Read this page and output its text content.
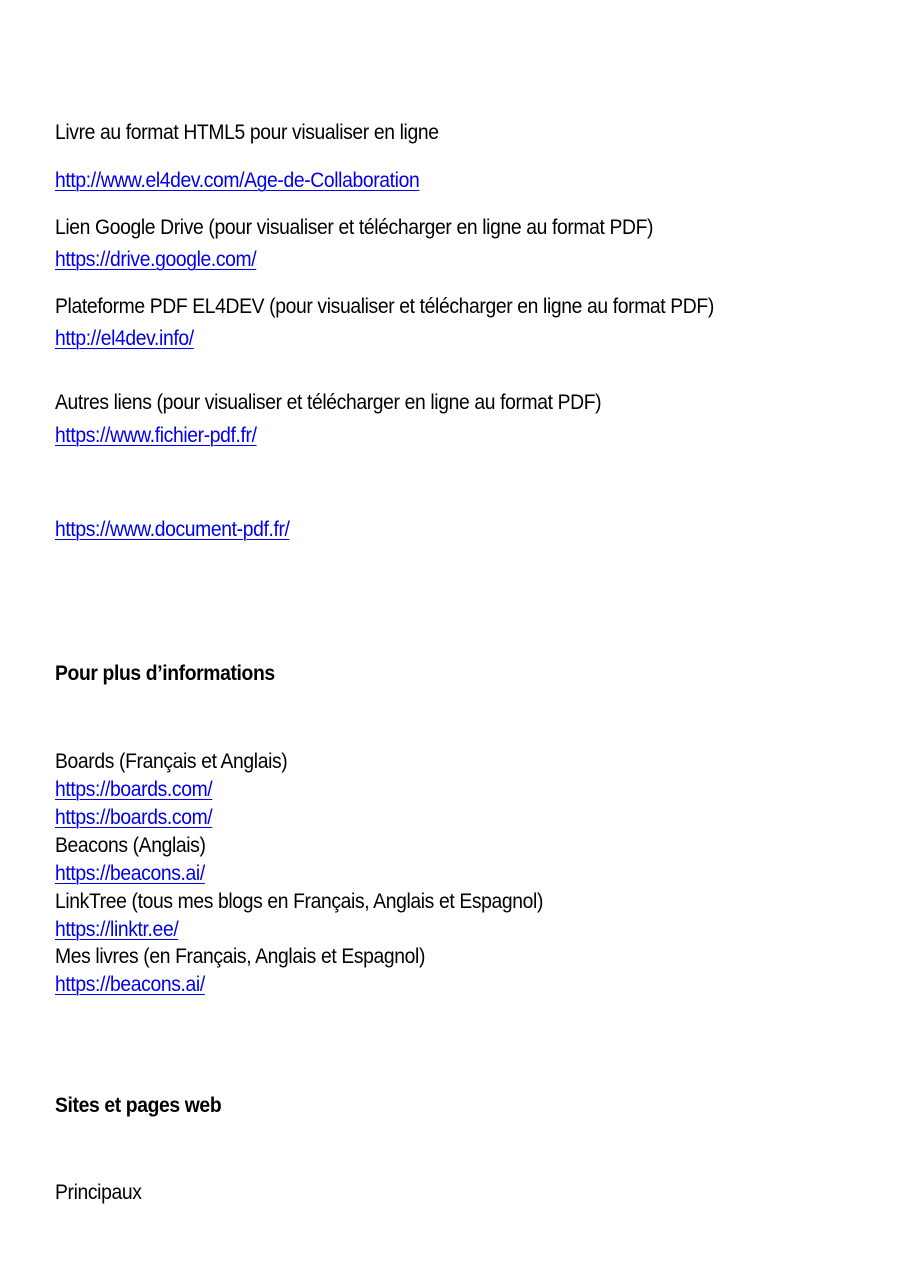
Livre au format HTML5 pour visualiser en ligne
http://www.el4dev.com/Age-de-Collaboration
Lien Google Drive (pour visualiser et télécharger en ligne au format PDF)
https://drive.google.com/
Plateforme PDF EL4DEV (pour visualiser et télécharger en ligne au format PDF)
http://el4dev.info/
Autres liens (pour visualiser et télécharger en ligne au format PDF)
https://www.fichier-pdf.fr/
https://www.document-pdf.fr/
Pour plus d’informations
Boards (Français et Anglais)
https://boards.com/
https://boards.com/
Beacons (Anglais)
https://beacons.ai/
LinkTree (tous mes blogs en Français, Anglais et Espagnol)
https://linktr.ee/
Mes livres (en Français, Anglais et Espagnol)
https://beacons.ai/
Sites et pages web
Principaux
